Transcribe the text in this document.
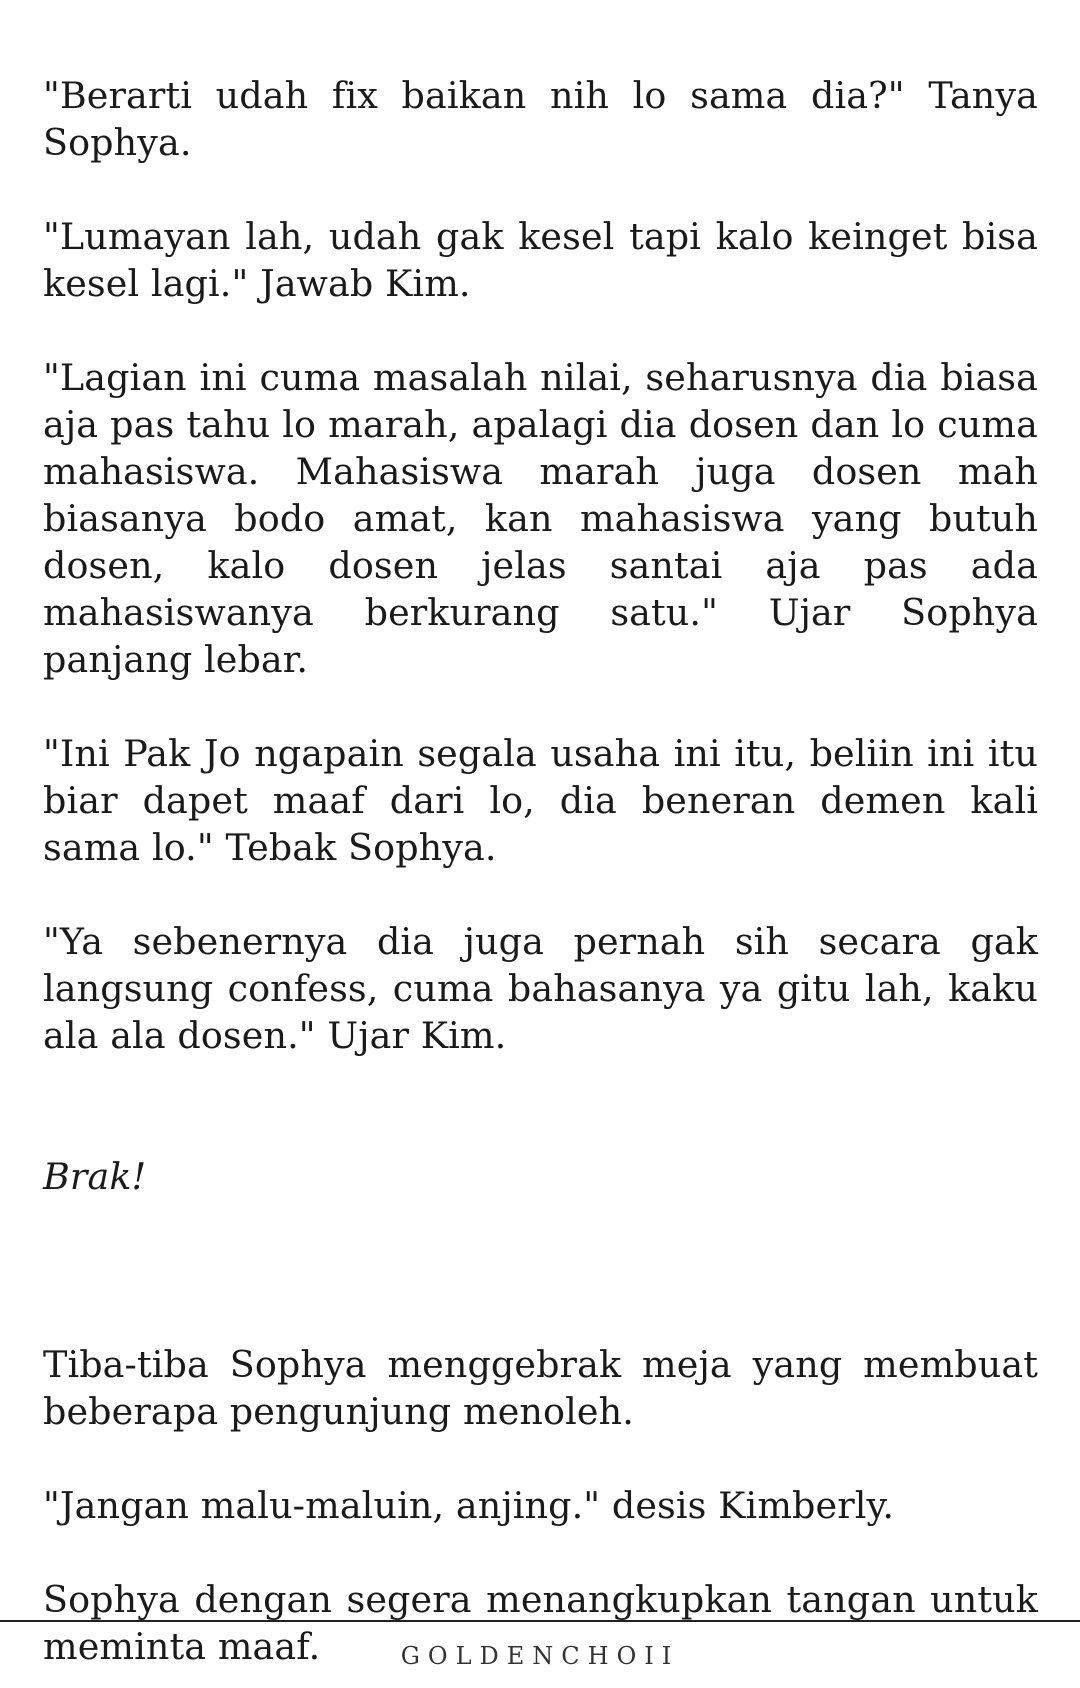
"Berarti udah fix baikan nih lo sama dia?" Tanya Sophya.

"Lumayan lah, udah gak kesel tapi kalo keinget bisa kesel lagi." Jawab Kim.

"Lagian ini cuma masalah nilai, seharusnya dia biasa aja pas tahu lo marah, apalagi dia dosen dan lo cuma mahasiswa. Mahasiswa marah juga dosen mah biasanya bodo amat, kan mahasiswa yang butuh dosen, kalo dosen jelas santai aja pas ada mahasiswanya berkurang satu." Ujar Sophya panjang lebar.

"Ini Pak Jo ngapain segala usaha ini itu, beliin ini itu biar dapet maaf dari lo, dia beneran demen kali sama lo." Tebak Sophya.

"Ya sebenernya dia juga pernah sih secara gak langsung confess, cuma bahasanya ya gitu lah, kaku ala ala dosen." Ujar Kim.

Brak!

Tiba-tiba Sophya menggebrak meja yang membuat beberapa pengunjung menoleh.

"Jangan malu-maluin, anjing." desis Kimberly.

Sophya dengan segera menangkupkan tangan untuk meminta maaf.	GOLDENCHOII
